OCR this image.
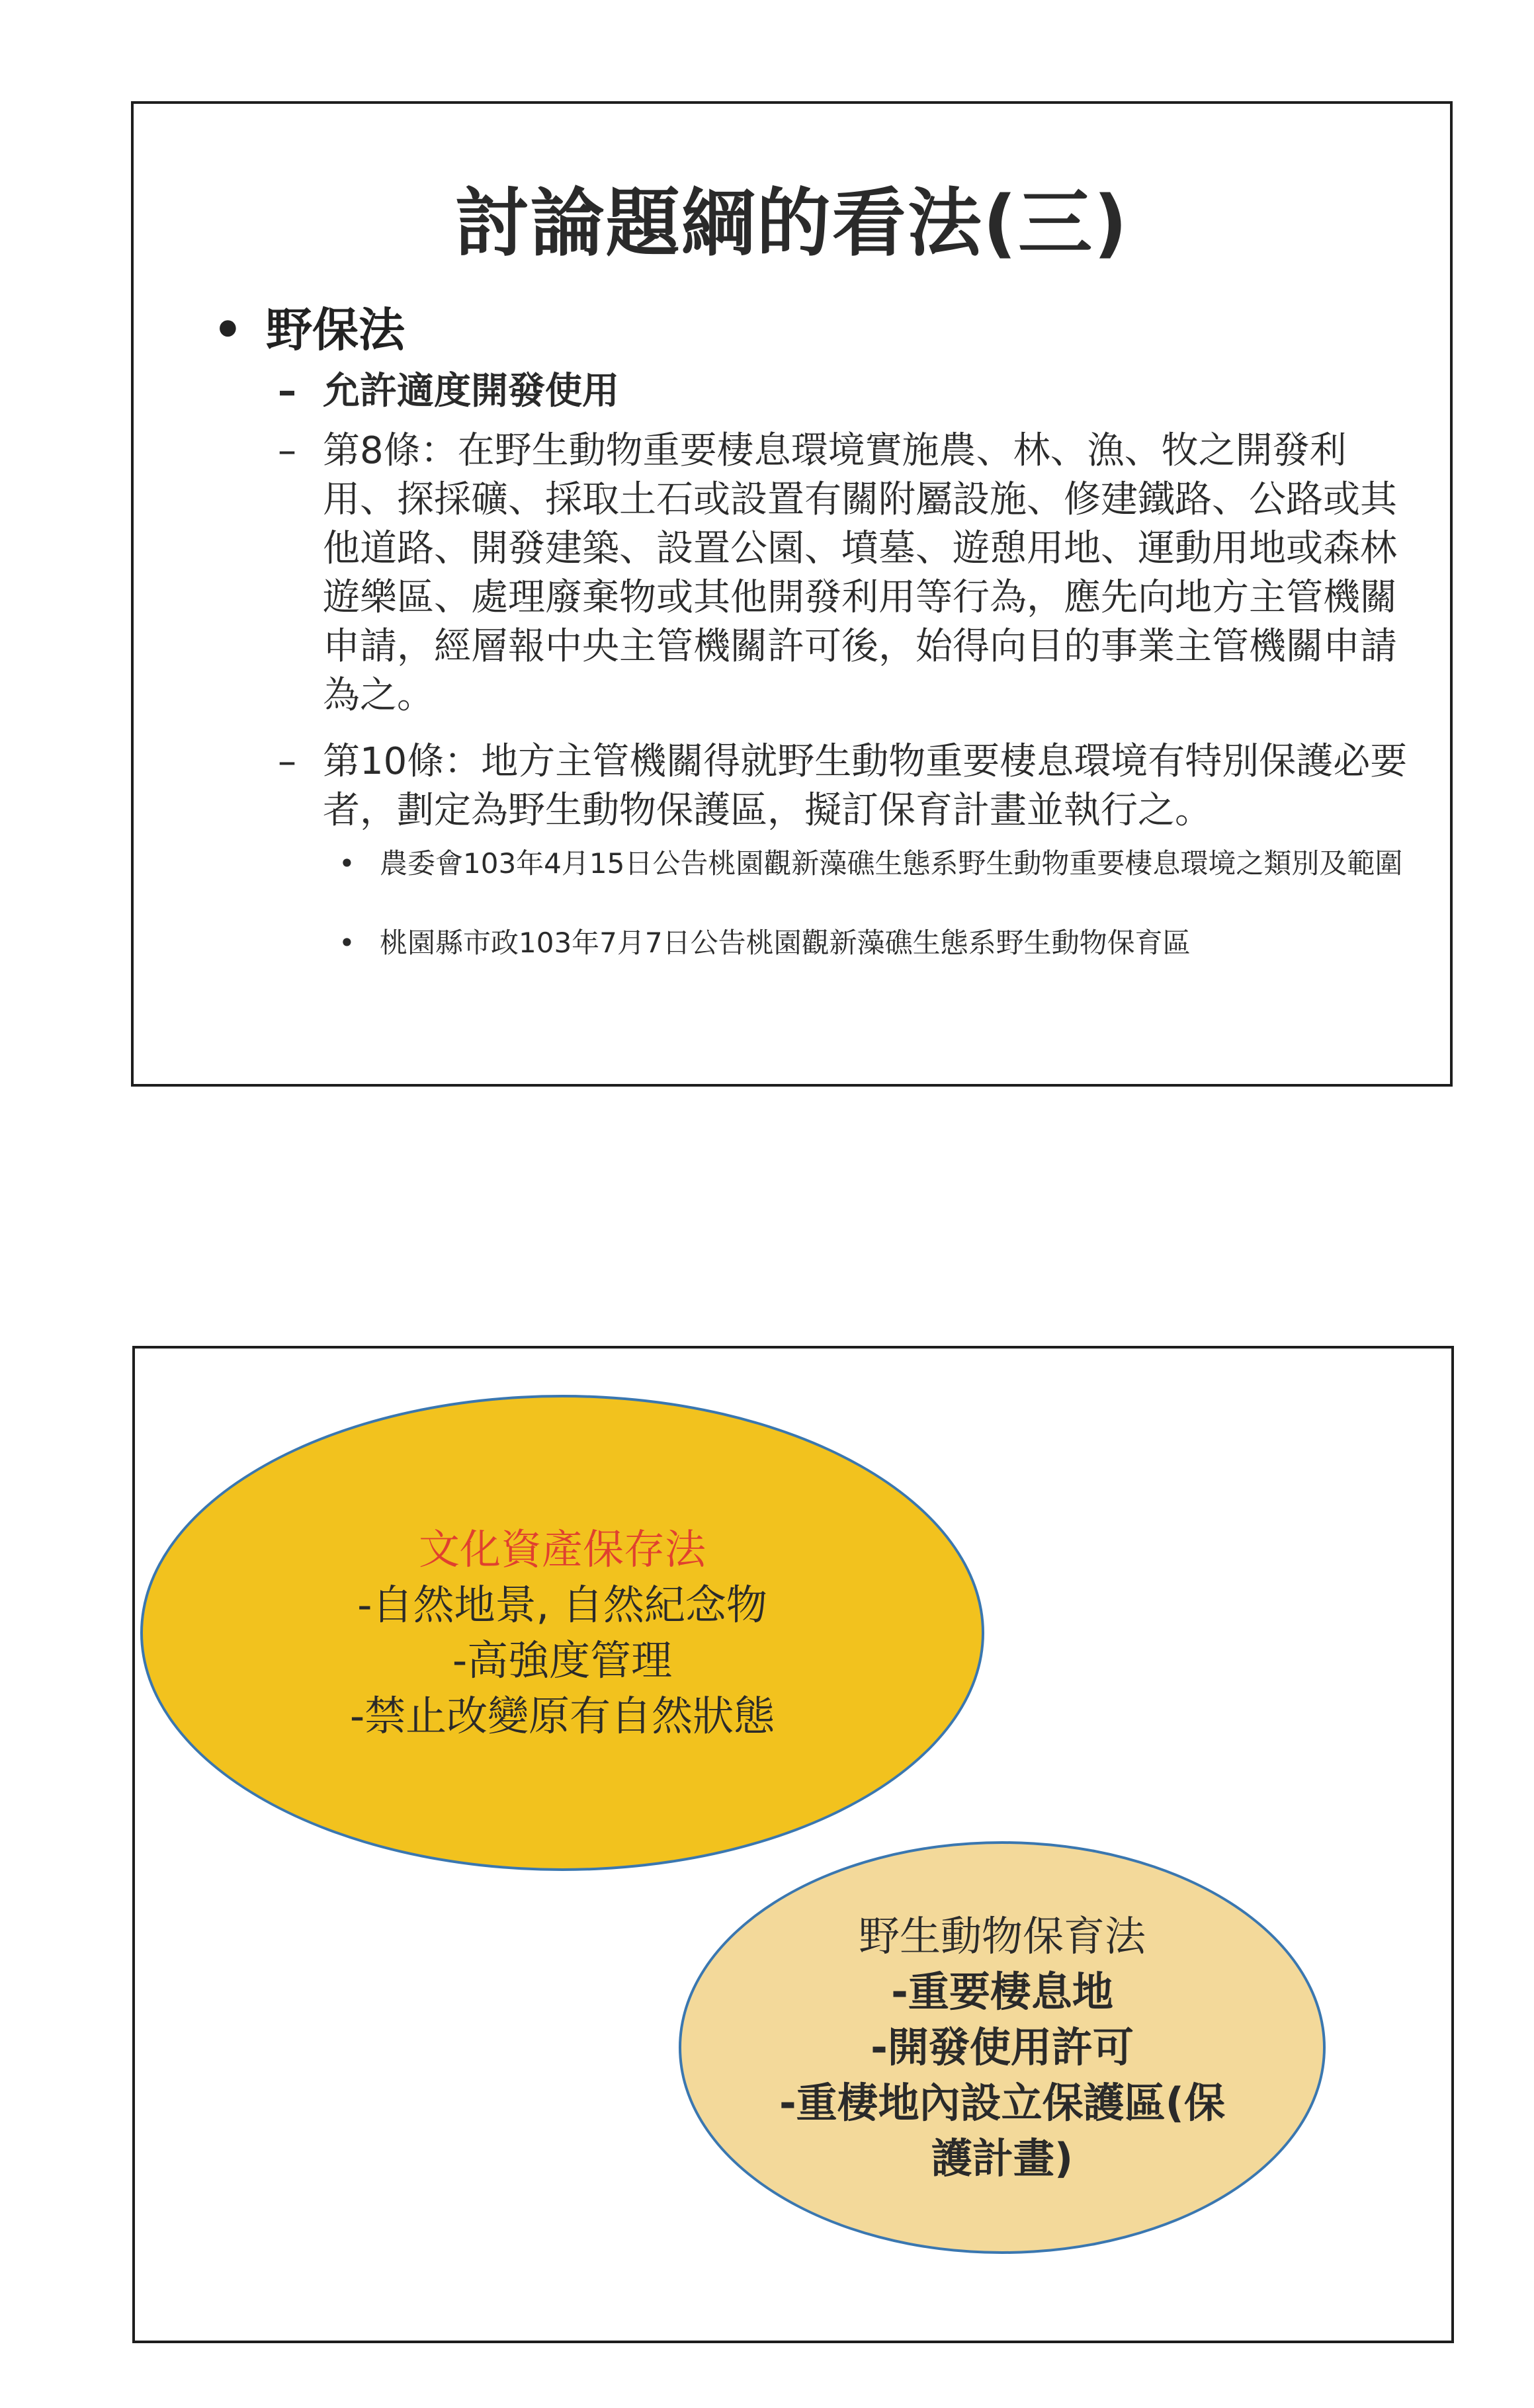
討論題綱的看法(三)
• 野保法
– 允許適度開發使用
– 第8條：在野生動物重要棲息環境實施農、林、漁、牧之開發利用、探採礦、採取土石或設置有關附屬設施、修建鐵路、公路或其他道路、開發建築、設置公園、墳墓、遊憩用地、運動用地或森林遊樂區、處理廢棄物或其他開發利用等行為，應先向地方主管機關申請，經層報中央主管機關許可後，始得向目的事業主管機關申請為之。
– 第10條：地方主管機關得就野生動物重要棲息環境有特別保護必要者，劃定為野生動物保護區，擬訂保育計畫並執行之。
• 農委會103年4月15日公告桃園觀新藻礁生態系野生動物重要棲息環境之類別及範圍
• 桃園縣市政103年7月7日公告桃園觀新藻礁生態系野生動物保育區
文化資產保存法
-自然地景, 自然紀念物
-高強度管理
-禁止改變原有自然狀態
野生動物保育法
-重要棲息地
-開發使用許可
-重棲地內設立保護區(保
護計畫)
